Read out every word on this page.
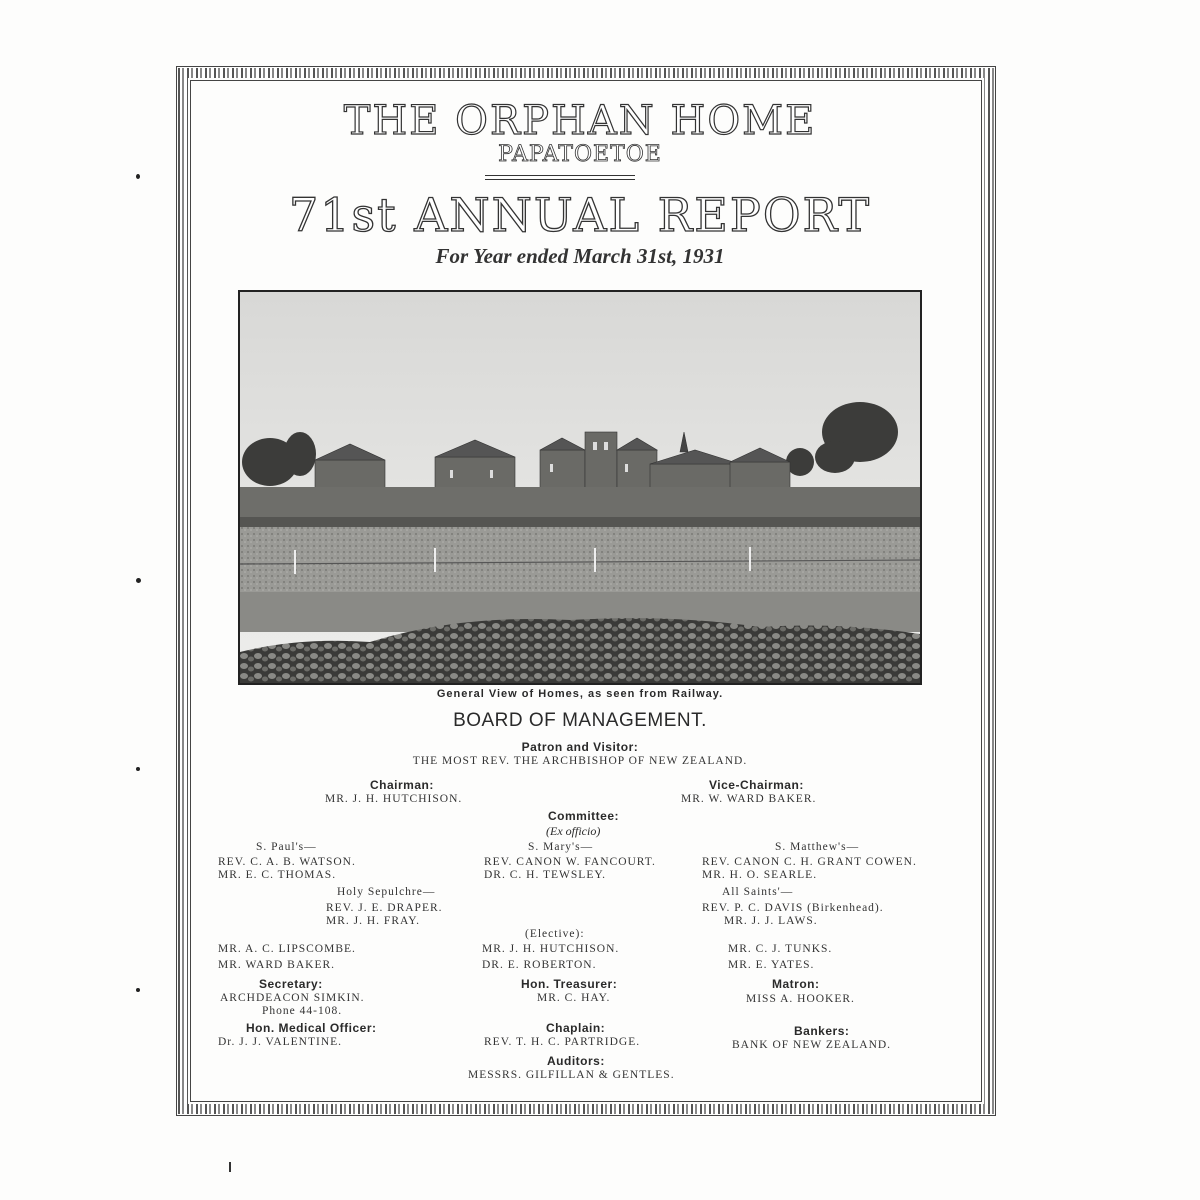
THE ORPHAN HOME
PAPATOETOE
71st ANNUAL REPORT
For Year ended March 31st, 1931
General View of Homes, as seen from Railway.
BOARD OF MANAGEMENT.
Patron and Visitor:
THE MOST REV. THE ARCHBISHOP OF NEW ZEALAND.
Chairman:
MR. J. H. HUTCHISON.
Vice-Chairman:
MR. W. WARD BAKER.
Committee:
(Ex officio)
S. Paul's—
REV. C. A. B. WATSON.
MR. E. C. THOMAS.
S. Mary's—
REV. CANON W. FANCOURT.
DR. C. H. TEWSLEY.
S. Matthew's—
REV. CANON C. H. GRANT COWEN.
MR. H. O. SEARLE.
Holy Sepulchre—
REV. J. E. DRAPER.
MR. J. H. FRAY.
All Saints'—
REV. P. C. DAVIS (Birkenhead).
MR. J. J. LAWS.
(Elective):
MR. A. C. LIPSCOMBE.
MR. WARD BAKER.
MR. J. H. HUTCHISON.
DR. E. ROBERTON.
MR. C. J. TUNKS.
MR. E. YATES.
Secretary:
ARCHDEACON SIMKIN.
Phone 44-108.
Hon. Treasurer:
MR. C. HAY.
Matron:
MISS A. HOOKER.
Hon. Medical Officer:
Dr. J. J. VALENTINE.
Chaplain:
REV. T. H. C. PARTRIDGE.
Bankers:
BANK OF NEW ZEALAND.
Auditors:
MESSRS. GILFILLAN & GENTLES.
